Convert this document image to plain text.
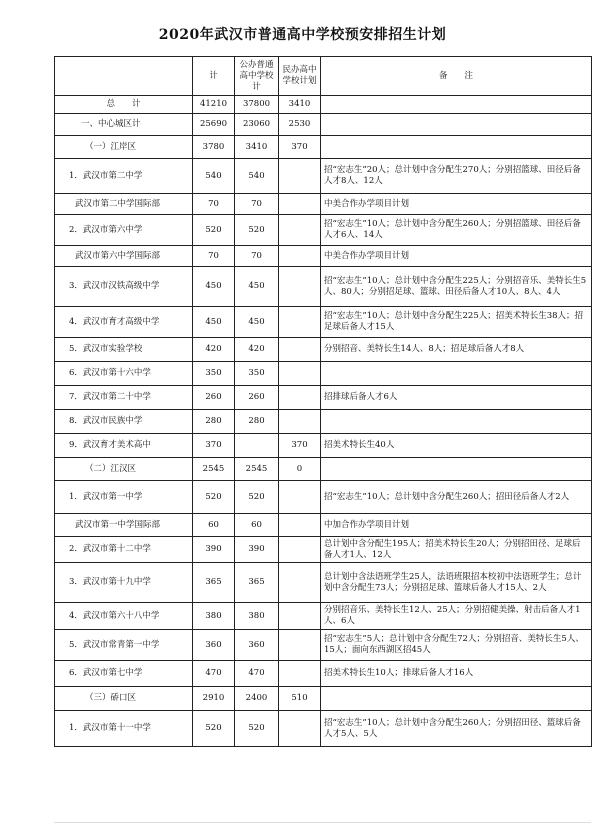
2020年武汉市普通高中学校预安排招生计划
	计	公办普通高中学校计	民办高中学校计划	备　　注
总　　计	41210	37800	3410	
一、中心城区计	25690	23060	2530	
（一）江岸区	3780	3410	370	
1．武汉市第二中学	540	540		招“宏志生”20人；总计划中含分配生270人；分别招篮球、田径后备人才8人、12人
武汉市第二中学国际部	70	70		中美合作办学项目计划
2．武汉市第六中学	520	520		招“宏志生”10人；总计划中含分配生260人；分别招篮球、田径后备人才6人、14人
武汉市第六中学国际部	70	70		中美合作办学项目计划
3．武汉市汉铁高级中学	450	450		招“宏志生”10人；总计划中含分配生225人；分别招音乐、美特长生5人、80人；分别招足球、篮球、田径后备人才10人、8人、4人
4．武汉市育才高级中学	450	450		招“宏志生”10人；总计划中含分配生225人；招美术特长生38人；招足球后备人才15人
5．武汉市实验学校	420	420		分别招音、美特长生14人、8人；招足球后备人才8人
6．武汉市第十六中学	350	350		
7．武汉市第二十中学	260	260		招排球后备人才6人
8．武汉市民族中学	280	280		
9．武汉育才美术高中	370		370	招美术特长生40人
（二）江汉区	2545	2545	0	
1．武汉市第一中学	520	520		招“宏志生”10人；总计划中含分配生260人；招田径后备人才2人
武汉市第一中学国际部	60	60		中加合作办学项目计划
2．武汉市第十二中学	390	390		总计划中含分配生195人；招美术特长生20人；分别招田径、足球后备人才1人、12人
3．武汉市第十九中学	365	365		总计划中含法语班学生25人，法语班限招本校初中法语班学生；总计划中含分配生73人；分别招足球、篮球后备人才15人、2人
4．武汉市第六十八中学	380	380		分别招音乐、美特长生12人、25人；分别招健美操、射击后备人才1人、6人
5．武汉市常青第一中学	360	360		招“宏志生”5人；总计划中含分配生72人；分别招音、美特长生5人、15人；面向东西湖区招45人
6．武汉市第七中学	470	470		招美术特长生10人；排球后备人才16人
（三）硚口区	2910	2400	510	
1．武汉市第十一中学	520	520		招“宏志生”10人；总计划中含分配生260人；分别招田径、篮球后备人才5人、5人
